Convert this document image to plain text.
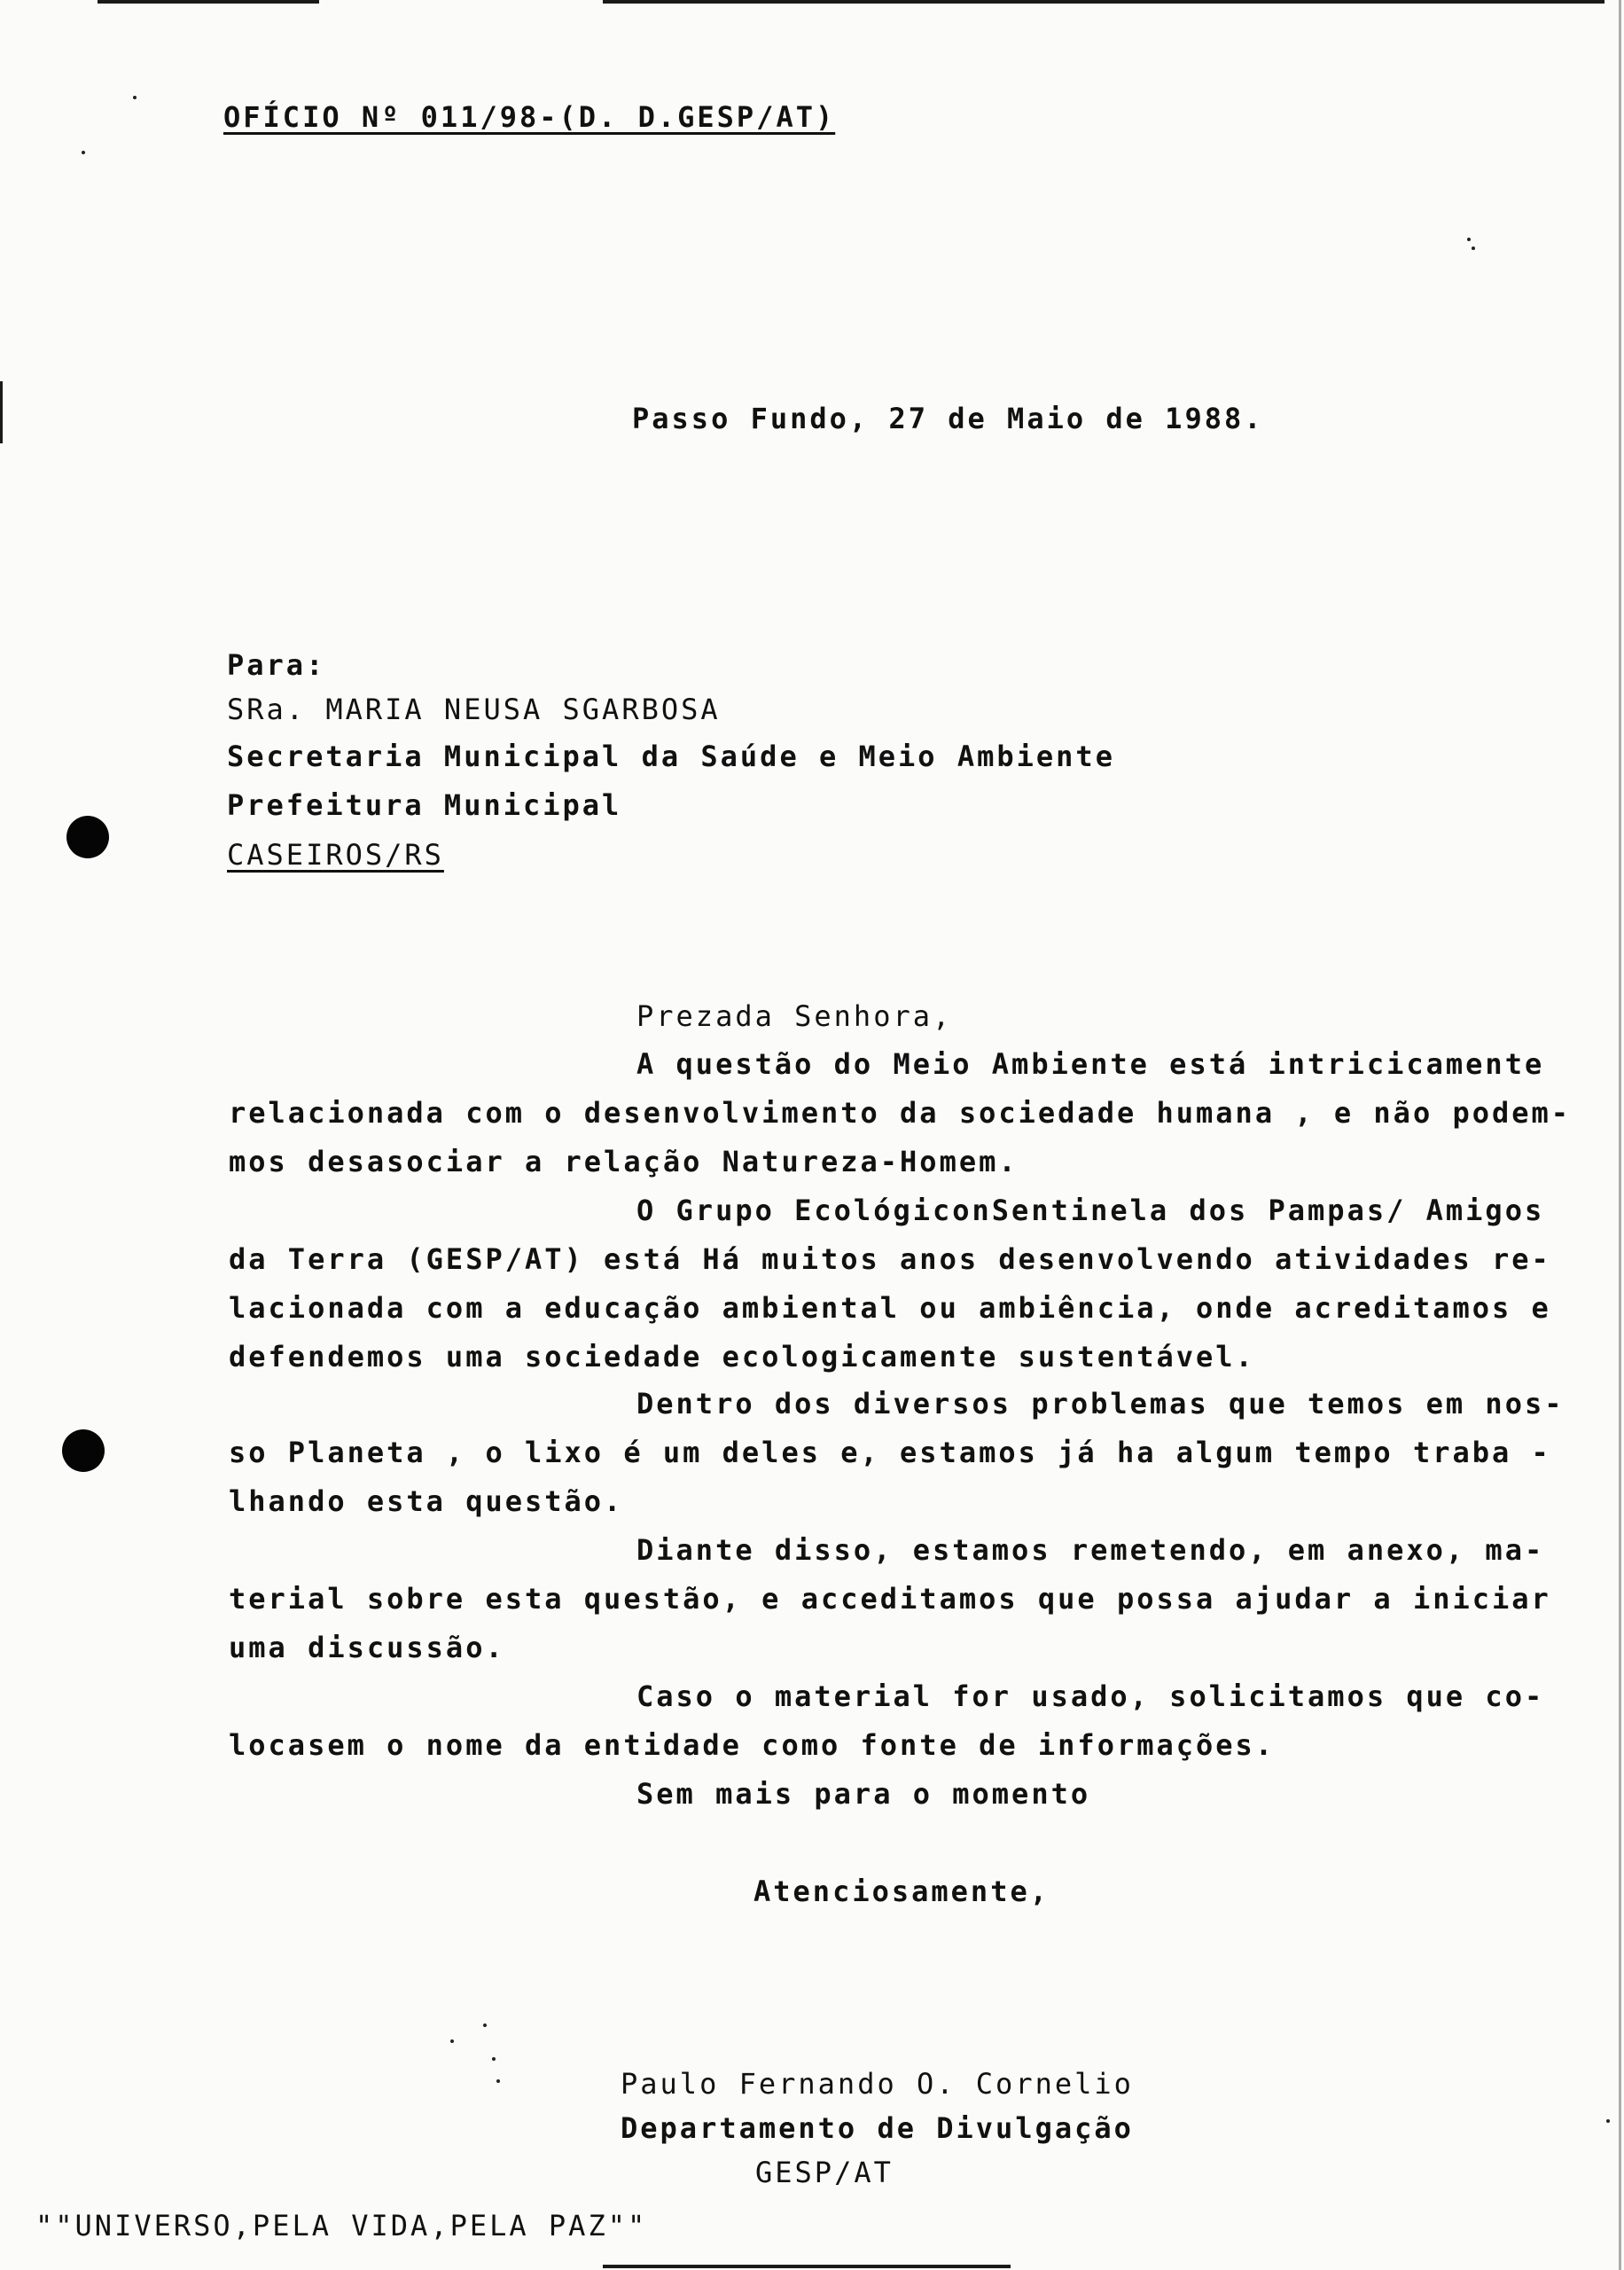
OFÍCIO Nº 011/98-(D. D.GESP/AT)
Passo Fundo, 27 de Maio de 1988.
Para:
SRa. MARIA NEUSA SGARBOSA
Secretaria Municipal da Saúde e Meio Ambiente
Prefeitura Municipal
CASEIROS/RS
Prezada Senhora,
A questão do Meio Ambiente está intricicamente
relacionada com o desenvolvimento da sociedade humana , e não podem-
mos desasociar a relação Natureza-Homem.
O Grupo EcológiconSentinela dos Pampas/ Amigos
da Terra (GESP/AT) está Há muitos anos desenvolvendo atividades re-
lacionada com a educação ambiental ou ambiência, onde acreditamos e
defendemos uma sociedade ecologicamente sustentável.
Dentro dos diversos problemas que temos em nos-
so Planeta , o lixo é um deles e, estamos já ha algum tempo traba -
lhando esta questão.
Diante disso, estamos remetendo, em anexo, ma-
terial sobre esta questão, e acceditamos que possa ajudar a iniciar
uma discussão.
Caso o material for usado, solicitamos que co-
locasem o nome da entidade como fonte de informações.
Sem mais para o momento
Atenciosamente,
Paulo Fernando O. Cornelio
Departamento de Divulgação
GESP/AT
""UNIVERSO,PELA VIDA,PELA PAZ""
